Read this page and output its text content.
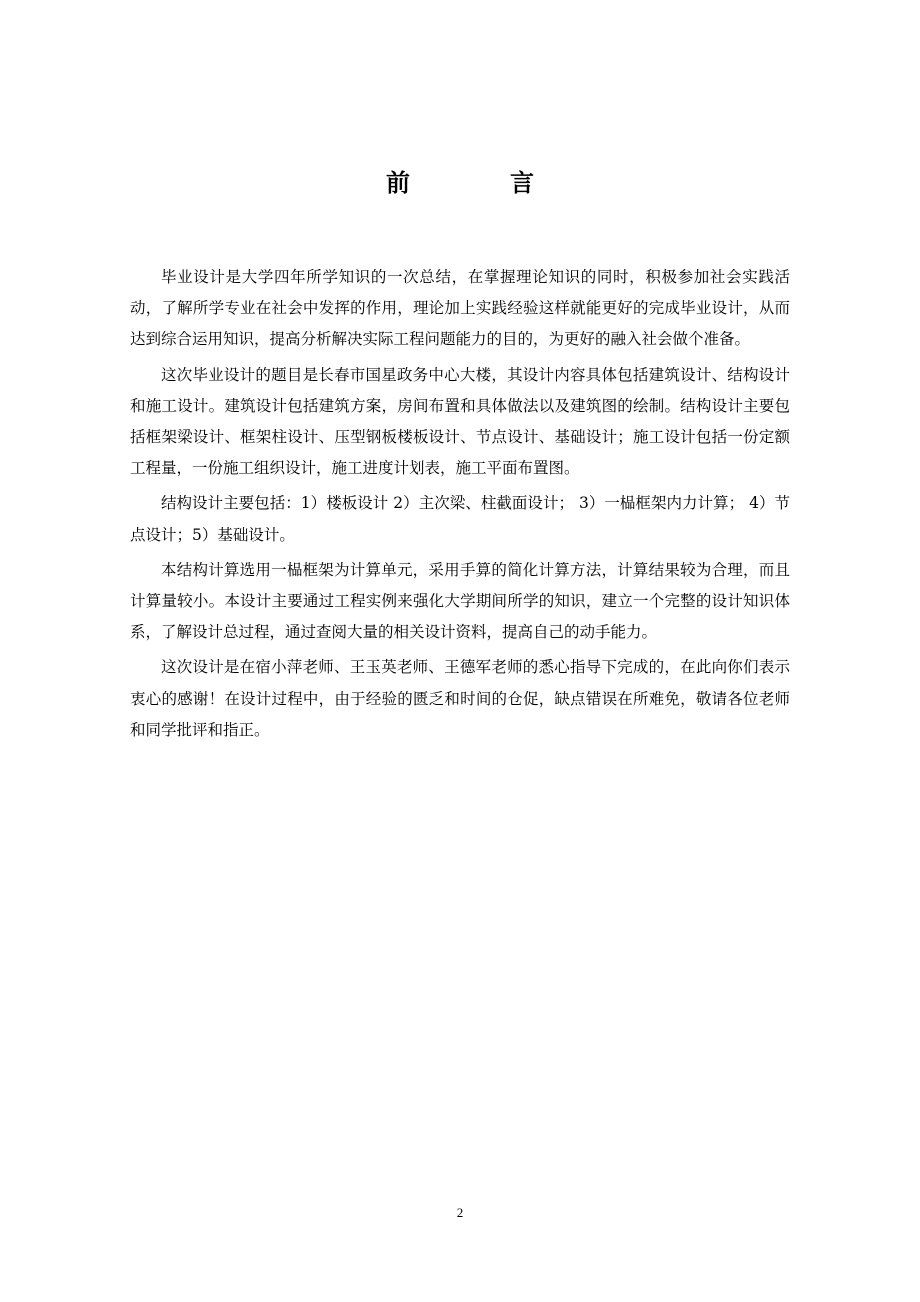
前　言

毕业设计是大学四年所学知识的一次总结，在掌握理论知识的同时，积极参加社会实践活动，了解所学专业在社会中发挥的作用，理论加上实践经验这样就能更好的完成毕业设计，从而达到综合运用知识，提高分析解决实际工程问题能力的目的，为更好的融入社会做个准备。

这次毕业设计的题目是长春市国星政务中心大楼，其设计内容具体包括建筑设计、结构设计和施工设计。建筑设计包括建筑方案，房间布置和具体做法以及建筑图的绘制。结构设计主要包括框架梁设计、框架柱设计、压型钢板楼板设计、节点设计、基础设计；施工设计包括一份定额工程量，一份施工组织设计，施工进度计划表，施工平面布置图。

结构设计主要包括：1）楼板设计 2）主次梁、柱截面设计； 3）一榀框架内力计算； 4）节点设计；5）基础设计。

本结构计算选用一榀框架为计算单元，采用手算的简化计算方法，计算结果较为合理，而且计算量较小。本设计主要通过工程实例来强化大学期间所学的知识，建立一个完整的设计知识体系，了解设计总过程，通过查阅大量的相关设计资料，提高自己的动手能力。

这次设计是在宿小萍老师、王玉英老师、王德军老师的悉心指导下完成的，在此向你们表示衷心的感谢！在设计过程中，由于经验的匮乏和时间的仓促，缺点错误在所难免，敬请各位老师和同学批评和指正。

2
